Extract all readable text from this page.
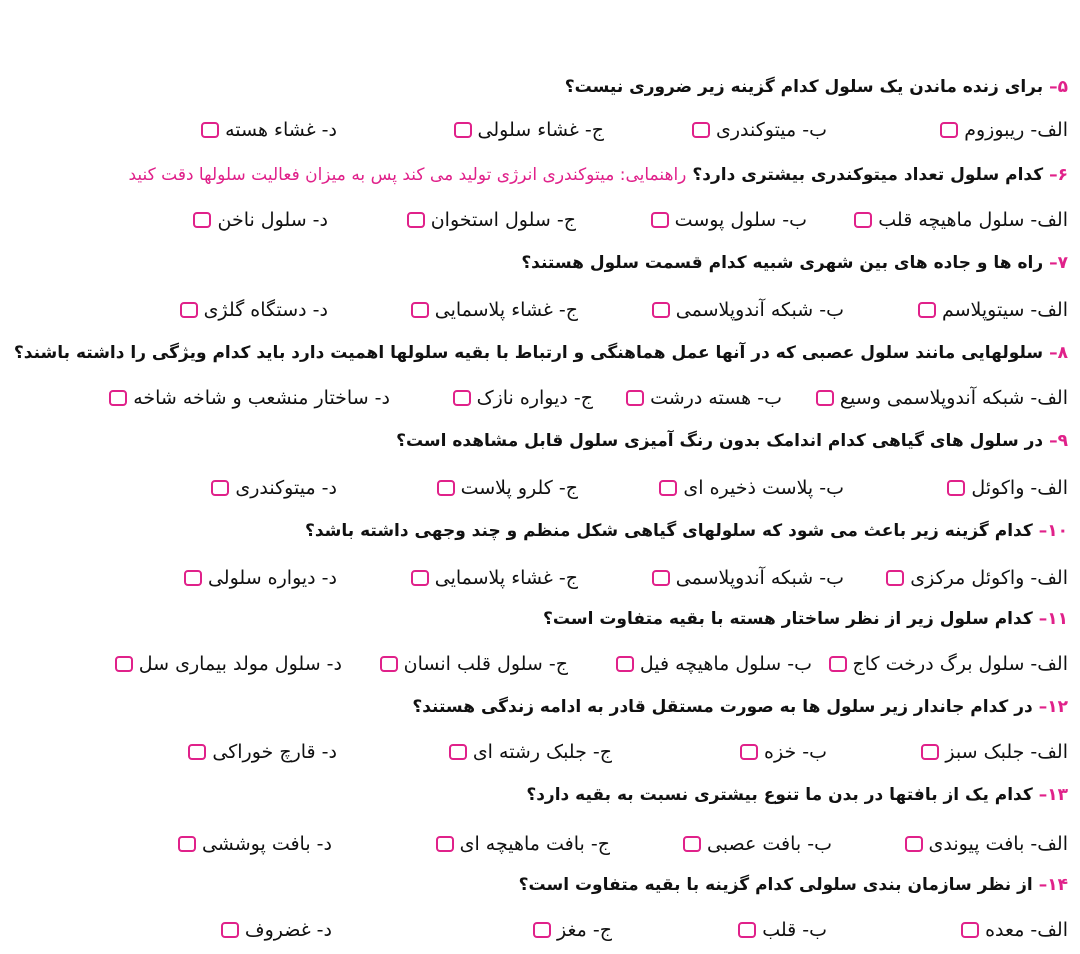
۵–
برای زنده ماندن یک سلول کدام گزینه زیر ضروری نیست؟
الف- ریبوزوم
ب- میتوکندری
ج- غشاء سلولی
د- غشاء هسته
۶–
کدام سلول تعداد میتوکندری بیشتری دارد؟
راهنمایی: میتوکندری انرژی تولید می کند پس به میزان فعالیت سلولها دقت کنید
الف- سلول ماهیچه قلب
ب- سلول پوست
ج- سلول استخوان
د- سلول ناخن
۷–
راه ها و جاده های بین شهری شبیه کدام قسمت سلول هستند؟
الف- سیتوپلاسم
ب- شبکه آندوپلاسمی
ج- غشاء پلاسمایی
د- دستگاه گلژی
۸–
سلولهایی مانند سلول عصبی که در آنها عمل هماهنگی و ارتباط با بقیه سلولها اهمیت دارد باید کدام ویژگی را داشته باشند؟
الف- شبکه آندوپلاسمی وسیع
ب- هسته درشت
ج- دیواره نازک
د- ساختار منشعب و شاخه شاخه
۹–
در سلول های گیاهی کدام اندامک بدون رنگ آمیزی سلول قابل مشاهده است؟
الف- واکوئل
ب- پلاست ذخیره ای
ج- کلرو پلاست
د- میتوکندری
۱۰–
کدام گزینه زیر باعث می شود که سلولهای گیاهی شکل منظم و چند وجهی داشته باشد؟
الف- واکوئل مرکزی
ب- شبکه آندوپلاسمی
ج- غشاء پلاسمایی
د- دیواره سلولی
۱۱–
کدام سلول زیر از نظر ساختار هسته با بقیه متفاوت است؟
الف- سلول برگ درخت کاج
ب- سلول ماهیچه فیل
ج- سلول قلب انسان
د- سلول مولد بیماری سل
۱۲–
در کدام جاندار زیر سلول ها به صورت مستقل قادر به ادامه زندگی هستند؟
الف- جلبک سبز
ب- خزه
ج- جلبک رشته ای
د- قارچ خوراکی
۱۳–
کدام یک از بافتها در بدن ما تنوع بیشتری نسبت به بقیه دارد؟
الف- بافت پیوندی
ب- بافت عصبی
ج- بافت ماهیچه ای
د- بافت پوششی
۱۴–
از نظر سازمان بندی سلولی کدام گزینه با بقیه متفاوت است؟
الف- معده
ب- قلب
ج- مغز
د- غضروف
